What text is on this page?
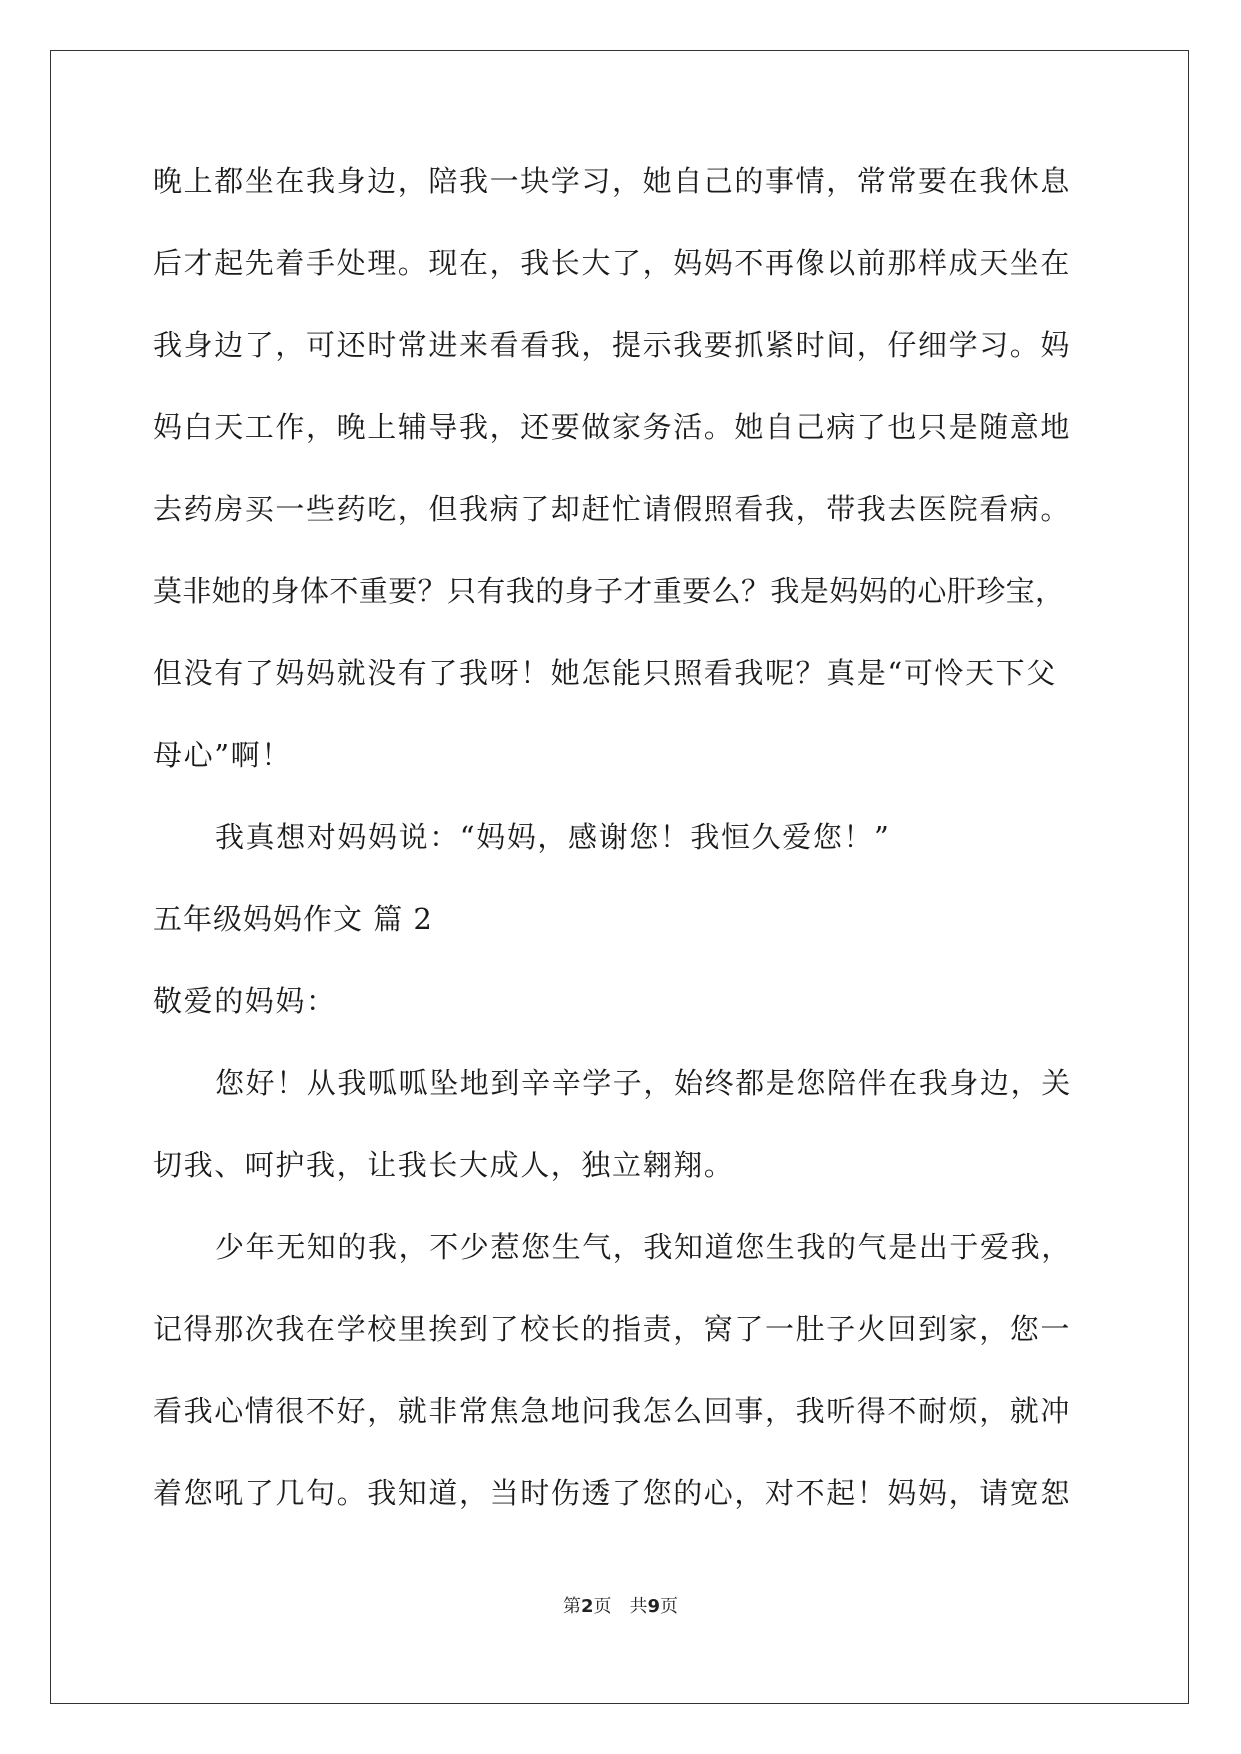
晚上都坐在我身边，陪我一块学习，她自己的事情，常常要在我休息
后才起先着手处理。现在，我长大了，妈妈不再像以前那样成天坐在
我身边了，可还时常进来看看我，提示我要抓紧时间，仔细学习。妈
妈白天工作，晚上辅导我，还要做家务活。她自己病了也只是随意地
去药房买一些药吃，但我病了却赶忙请假照看我，带我去医院看病。
莫非她的身体不重要？只有我的身子才重要么？我是妈妈的心肝珍宝，
但没有了妈妈就没有了我呀！她怎能只照看我呢？真是“可怜天下父
母心”啊！
我真想对妈妈说：“妈妈，感谢您！我恒久爱您！”
五年级妈妈作文 篇 2
敬爱的妈妈：
您好！从我呱呱坠地到辛辛学子，始终都是您陪伴在我身边，关
切我、呵护我，让我长大成人，独立翱翔。
少年无知的我，不少惹您生气，我知道您生我的气是出于爱我，
记得那次我在学校里挨到了校长的指责，窝了一肚子火回到家，您一
看我心情很不好，就非常焦急地问我怎么回事，我听得不耐烦，就冲
着您吼了几句。我知道，当时伤透了您的心，对不起！妈妈，请宽恕
第2页 共9页
